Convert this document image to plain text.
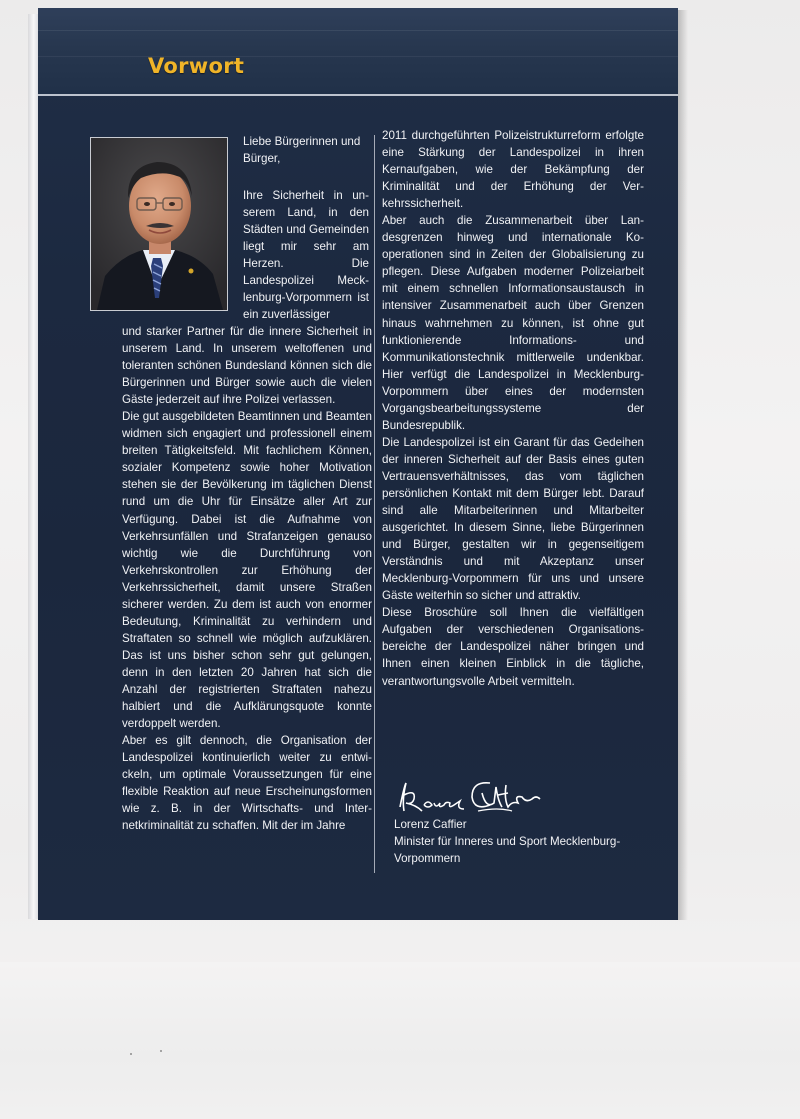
Vorwort

Liebe Bürgerinnen und Bürger,

Ihre Sicherheit in unserem Land, in den Städten und Gemeinden liegt mir sehr am Herzen. Die Landespolizei Mecklenburg-Vorpommern ist ein zuverlässiger

und starker Partner für die innere Sicherheit in unserem Land. In unserem weltoffenen und toleranten schönen Bundesland können sich die Bürgerinnen und Bürger sowie auch die vielen Gäste jederzeit auf ihre Polizei verlassen.

Die gut ausgebildeten Beamtinnen und Beamten widmen sich engagiert und professionell einem breiten Tätigkeitsfeld. Mit fachlichem Können, sozialer Kompetenz sowie hoher Motivation stehen sie der Bevölkerung im täglichen Dienst rund um die Uhr für Einsätze aller Art zur Verfügung. Dabei ist die Aufnahme von Verkehrsunfällen und Strafanzeigen genauso wichtig wie die Durchführung von Verkehrskontrollen zur Erhöhung der Verkehrssicherheit, damit unsere Straßen sicherer werden. Zu dem ist auch von enormer Bedeutung, Kriminalität zu verhindern und Straftaten so schnell wie möglich aufzuklären. Das ist uns bisher schon sehr gut gelungen, denn in den letzten 20 Jahren hat sich die Anzahl der registrierten Straftaten nahezu halbiert und die Aufklärungsquote konnte verdoppelt werden.

Aber es gilt dennoch, die Organisation der Landespolizei kontinuierlich weiter zu entwickeln, um optimale Voraussetzungen für eine flexible Reaktion auf neue Erscheinungsformen wie z. B. in der Wirtschafts- und Internetkriminalität zu schaffen. Mit der im Jahre

2011 durchgeführten Polizeistrukturreform erfolgte eine Stärkung der Landespolizei in ihren Kernaufgaben, wie der Bekämpfung der Kriminalität und der Erhöhung der Verkehrssicherheit.

Aber auch die Zusammenarbeit über Landesgrenzen hinweg und internationale Kooperationen sind in Zeiten der Globalisierung zu pflegen. Diese Aufgaben moderner Polizeiarbeit mit einem schnellen Informationsaustausch in intensiver Zusammenarbeit auch über Grenzen hinaus wahrnehmen zu können, ist ohne gut funktionierende Informations- und Kommunikationstechnik mittlerweile undenkbar. Hier verfügt die Landespolizei in Mecklenburg-Vorpommern über eines der modernsten Vorgangsbearbeitungssysteme der Bundesrepublik.

Die Landespolizei ist ein Garant für das Gedeihen der inneren Sicherheit auf der Basis eines guten Vertrauensverhältnisses, das vom täglichen persönlichen Kontakt mit dem Bürger lebt. Darauf sind alle Mitarbeiterinnen und Mitarbeiter ausgerichtet. In diesem Sinne, liebe Bürgerinnen und Bürger, gestalten wir in gegenseitigem Verständnis und mit Akzeptanz unser Mecklenburg-Vorpommern für uns und unsere Gäste weiterhin so sicher und attraktiv.

Diese Broschüre soll Ihnen die vielfältigen Aufgaben der verschiedenen Organisationsbereiche der Landespolizei näher bringen und Ihnen einen kleinen Einblick in die tägliche, verantwortungsvolle Arbeit vermitteln.

Lorenz Caffier

Minister für Inneres und Sport Mecklenburg-Vorpommern
